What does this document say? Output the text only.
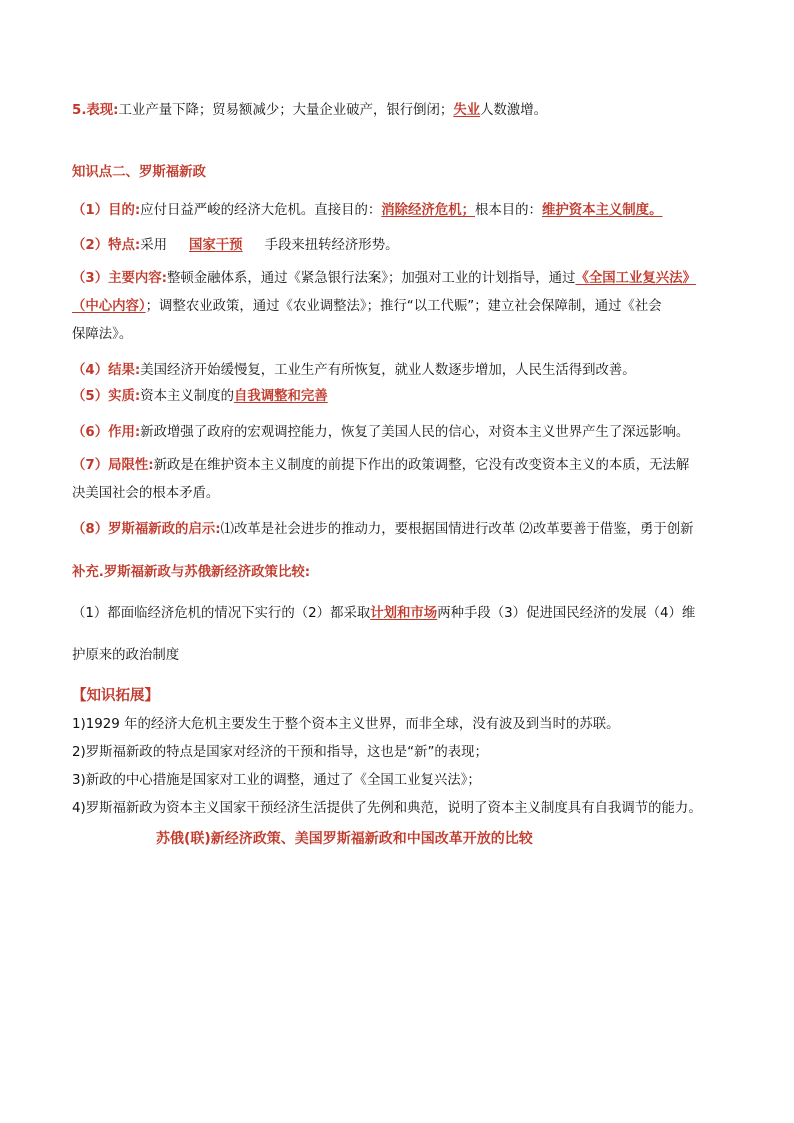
5.表现:工业产量下降；贸易额减少；大量企业破产，银行倒闭；失业人数激增。
知识点二、罗斯福新政
（1）目的:应付日益严峻的经济大危机。直接目的：消除经济危机；根本目的：维护资本主义制度。
（2）特点:采用 国家干预 手段来扭转经济形势。
（3）主要内容:整顿金融体系，通过《紧急银行法案》；加强对工业的计划指导，通过《全国工业复兴法》
（中心内容）；调整农业政策，通过《农业调整法》；推行“以工代赈”；建立社会保障制，通过《社会
保障法》。
（4）结果:美国经济开始缓慢复，工业生产有所恢复，就业人数逐步增加，人民生活得到改善。
（5）实质:资本主义制度的自我调整和完善
（6）作用:新政增强了政府的宏观调控能力，恢复了美国人民的信心，对资本主义世界产生了深远影响。
（7）局限性:新政是在维护资本主义制度的前提下作出的政策调整，它没有改变资本主义的本质，无法解
决美国社会的根本矛盾。
（8）罗斯福新政的启示:⑴改革是社会进步的推动力，要根据国情进行改革 ⑵改革要善于借鉴，勇于创新
补充.罗斯福新政与苏俄新经济政策比较:
（1）都面临经济危机的情况下实行的（2）都采取计划和市场两种手段（3）促进国民经济的发展（4）维
护原来的政治制度
【知识拓展】
1)1929 年的经济大危机主要发生于整个资本主义世界，而非全球，没有波及到当时的苏联。
2)罗斯福新政的特点是国家对经济的干预和指导，这也是“新”的表现；
3)新政的中心措施是国家对工业的调整，通过了《全国工业复兴法》；
4)罗斯福新政为资本主义国家干预经济生活提供了先例和典范，说明了资本主义制度具有自我调节的能力。
苏俄(联)新经济政策、美国罗斯福新政和中国改革开放的比较
